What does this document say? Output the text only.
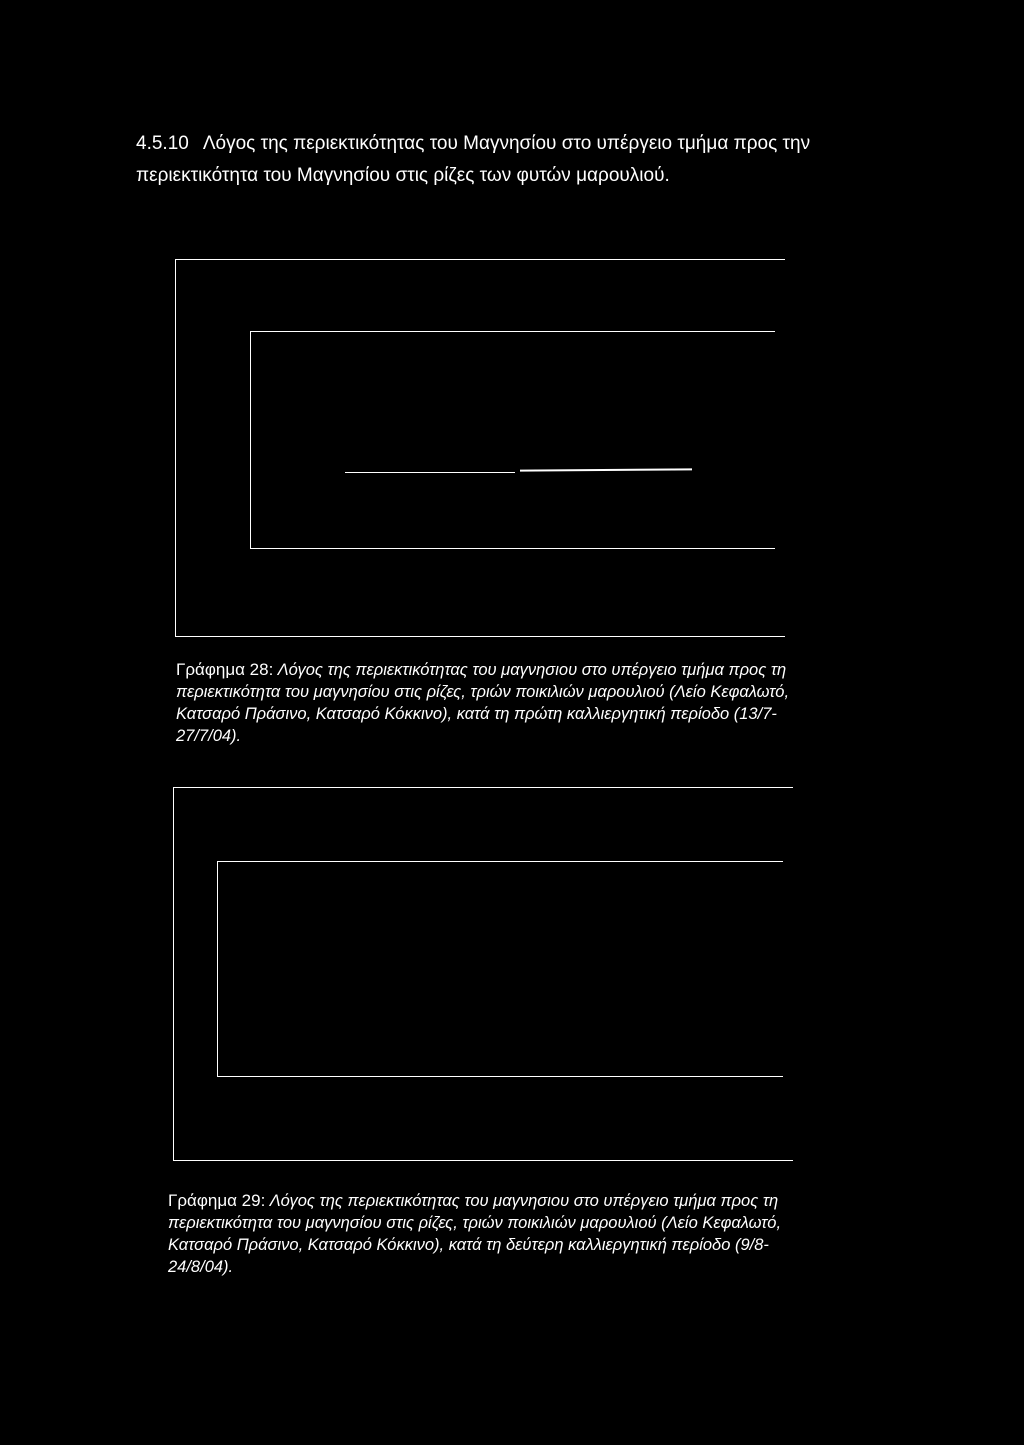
4.5.10 Λόγος της περιεκτικότητας του Μαγνησίου στο υπέργειο τμήμα προς την περιεκτικότητα του Μαγνησίου στις ρίζες των φυτών μαρουλιού.

Γράφημα 28: Λόγος της περιεκτικότητας του μαγνησιου στο υπέργειο τμήμα προς τη περιεκτικότητα του μαγνησίου στις ρίζες, τριών ποικιλιών μαρουλιού (Λείο Κεφαλωτό, Κατσαρό Πράσινο, Κατσαρό Κόκκινο), κατά τη πρώτη καλλιεργητική περίοδο (13/7- 27/7/04).

Γράφημα 29: Λόγος της περιεκτικότητας του μαγνησιου στο υπέργειο τμήμα προς τη περιεκτικότητα του μαγνησίου στις ρίζες, τριών ποικιλιών μαρουλιού (Λείο Κεφαλωτό, Κατσαρό Πράσινο, Κατσαρό Κόκκινο), κατά τη δεύτερη καλλιεργητική περίοδο (9/8- 24/8/04).
